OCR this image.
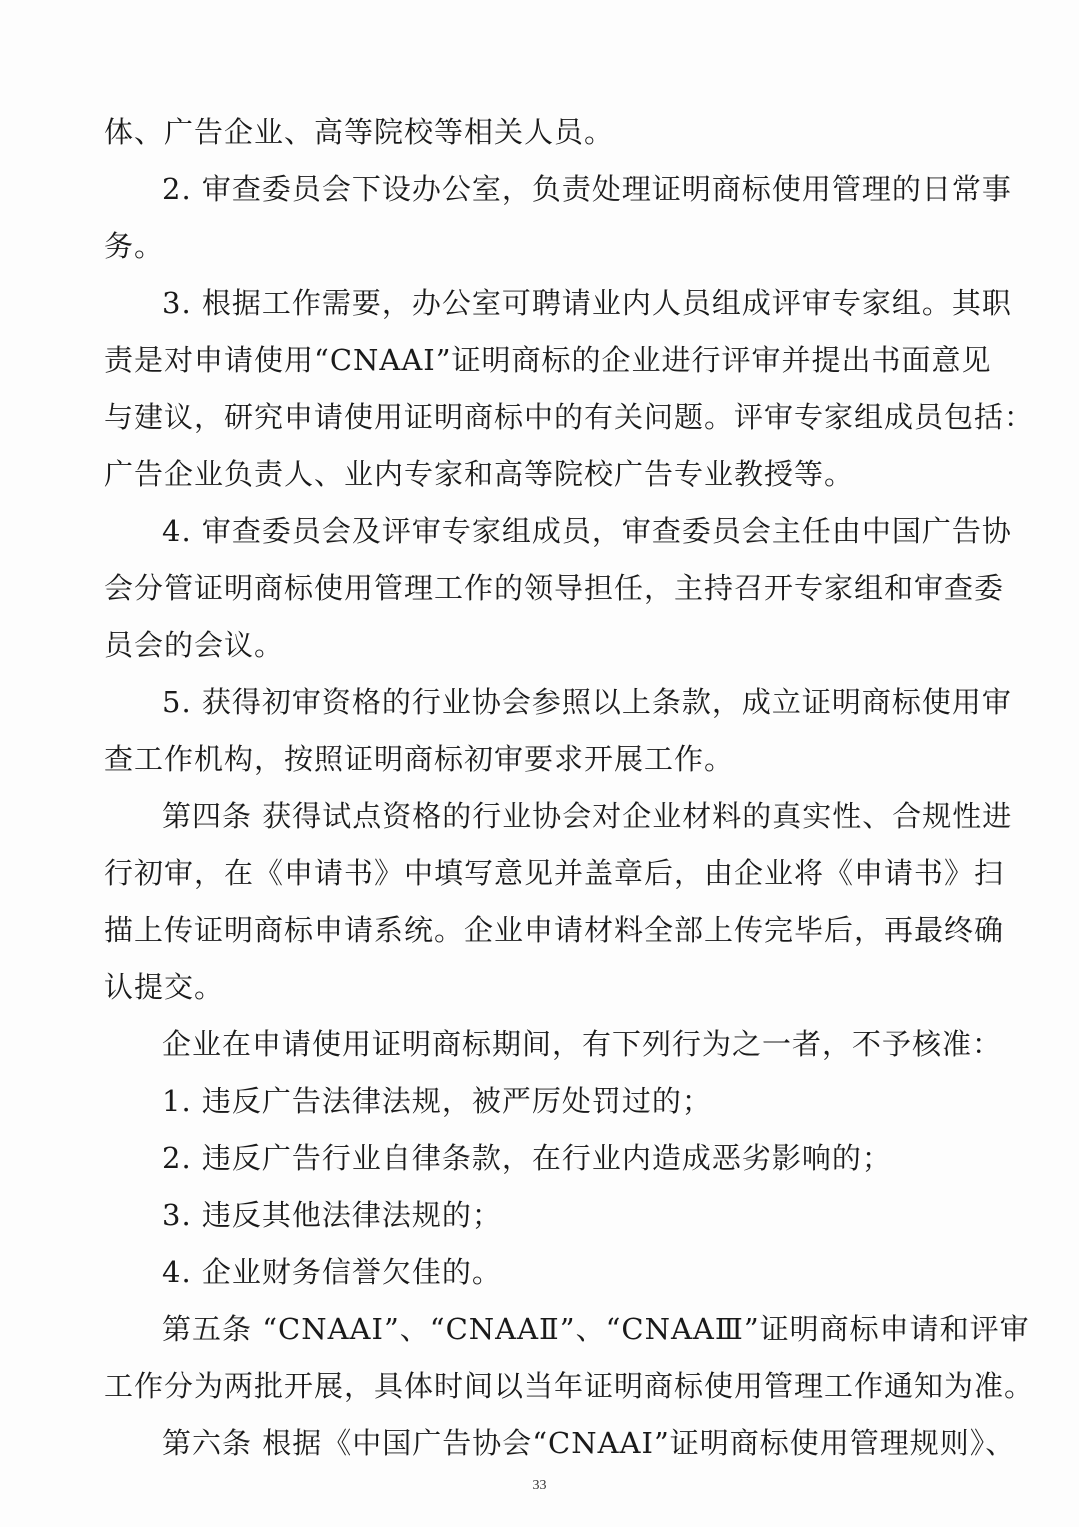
体、广告企业、高等院校等相关人员。
2. 审查委员会下设办公室，负责处理证明商标使用管理的日常事
务。
3. 根据工作需要，办公室可聘请业内人员组成评审专家组。其职
责是对申请使用“CNAAⅠ”证明商标的企业进行评审并提出书面意见
与建议，研究申请使用证明商标中的有关问题。评审专家组成员包括：
广告企业负责人、业内专家和高等院校广告专业教授等。
4. 审查委员会及评审专家组成员，审查委员会主任由中国广告协
会分管证明商标使用管理工作的领导担任，主持召开专家组和审查委
员会的会议。
5. 获得初审资格的行业协会参照以上条款，成立证明商标使用审
查工作机构，按照证明商标初审要求开展工作。
第四条 获得试点资格的行业协会对企业材料的真实性、合规性进
行初审，在《申请书》中填写意见并盖章后，由企业将《申请书》扫
描上传证明商标申请系统。企业申请材料全部上传完毕后，再最终确
认提交。
企业在申请使用证明商标期间，有下列行为之一者，不予核准：
1. 违反广告法律法规，被严厉处罚过的；
2. 违反广告行业自律条款，在行业内造成恶劣影响的；
3. 违反其他法律法规的；
4. 企业财务信誉欠佳的。
第五条 “CNAAⅠ”、“CNAAⅡ”、“CNAAⅢ”证明商标申请和评审
工作分为两批开展，具体时间以当年证明商标使用管理工作通知为准。
第六条 根据《中国广告协会“CNAAⅠ”证明商标使用管理规则》、
33
